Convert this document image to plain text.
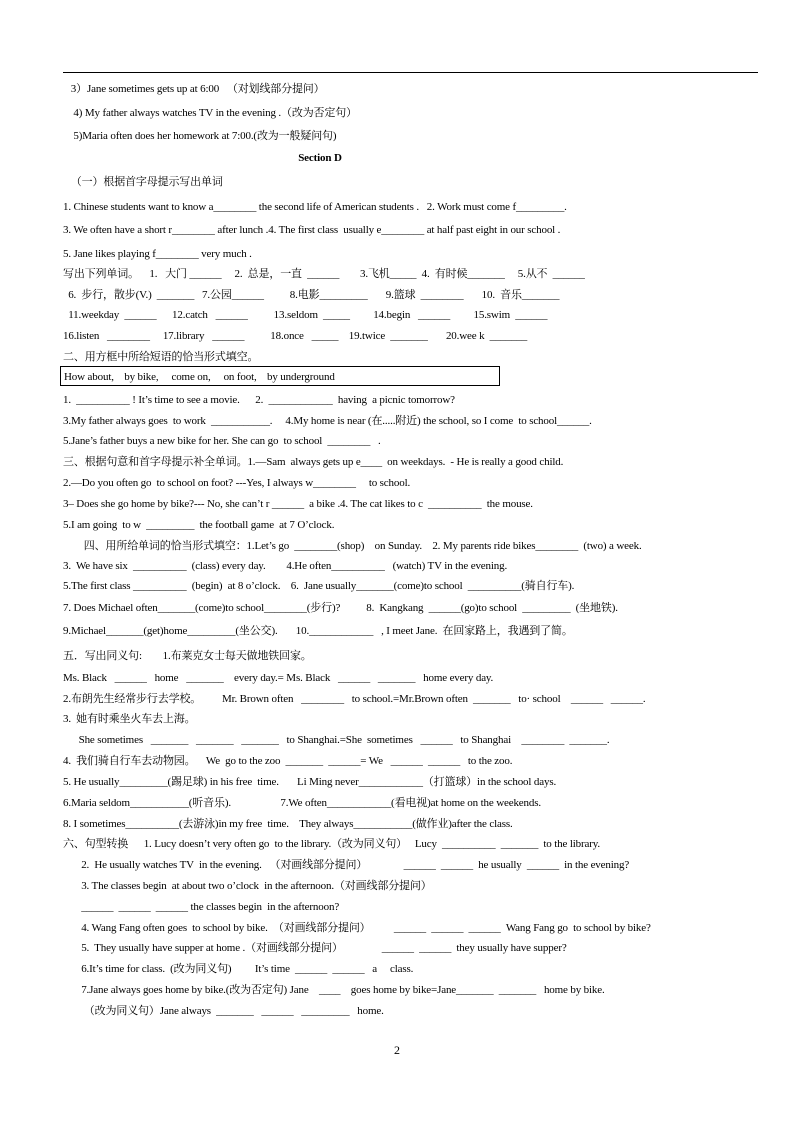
3）Jane sometimes gets up at 6:00   （对划线部分提问）
4) My father always watches TV in the evening .（改为否定句）
5)Maria often does her homework at 7:00.(改为一般疑问句)
Section D
（一）根据首字母提示写出单词
1. Chinese students want to know a________ the second life of American students .   2. Work must come f_________.
3. We often have a short r________ after lunch .4. The first class  usually e________ at half past eight in our school .
5. Jane likes playing f________ very much .
写出下列单词。    1.   大门 ______     2.  总是，一直  ______        3.飞机_____  4.  有时候_______     5.从不  ______
6.  步行，散步(V.)  _______   7.公园______          8.电影_________       9.篮球  ________       10.  音乐_______
11.weekday  ______      12.catch   ______          13.seldom  _____         14.begin   ______         15.swim  ______
16.listen   ________     17.library   ______          18.once   _____    19.twice  _______       20.wee k  _______
二、用方框中所给短语的恰当形式填空。
How about,    by bike,     come on,     on foot,    by underground
1.  __________ ! It’s time to see a movie.      2.  ____________  having  a picnic tomorrow?
3.My father always goes  to work  ___________.     4.My home is near (在.....附近) the school, so I come  to school______.
5.Jane’s father buys a new bike for her. She can go  to school  ________   .
三、根据句意和首字母提示补全单词。1.—Sam  always gets up e____  on weekdays.  - He is really a good child.
2.—Do you often go  to school on foot? ---Yes, I always w________     to school.
3– Does she go home by bike?--- No, she can’t r ______  a bike .4. The cat likes to c  __________  the mouse.
5.I am going  to w  _________  the football game  at 7 O’clock.
四、用所给单词的恰当形式填空：1.Let’s go  ________(shop)    on Sunday.    2. My parents ride bikes________  (two) a week.
3.  We have six  __________  (class) every day.        4.He often__________   (watch) TV in the evening.
5.The first class __________  (begin)  at 8 o’clock.    6.  Jane usually_______(come)to school  __________(骑自行车).
7. Does Michael often_______(come)to school________(步行)?          8.  Kangkang  ______(go)to school  _________  (坐地铁).
9.Michael_______(get)home_________(坐公交).       10.____________   , I meet Jane.  在回家路上，我遇到了简。
五．写出同义句:        1.布莱克女士每天做地铁回家。
Ms. Black   ______   home   _______    every day.= Ms. Black   ______   _______   home every day.
2.布朗先生经常步行去学校。        Mr. Brown often   ________   to school.=Mr.Brown often  _______   to· school    ______   ______.
3.  她有时乘坐火车去上海。
She sometimes   _______   _______   _______   to Shanghai.=She  sometimes   ______   to Shanghai    ________  _______.
4.  我们骑自行车去动物园。    We  go to the zoo  _______  ______= We   ______  ______   to the zoo.
5. He usually_________(踢足球) in his free  time.       Li Ming never____________（打篮球）in the school days.
6.Maria seldom___________(听音乐).                   7.We often____________(看电视)at home on the weekends.
8. I sometimes__________(去游泳)in my free  time.    They always___________(做作业)after the class.
六、句型转换      1. Lucy doesn’t very often go  to the library.（改为同义句）   Lucy  __________  _______  to the library.
2.  He usually watches TV  in the evening.   （对画线部分提问）              ______  ______  he usually  ______  in the evening?
3. The classes begin  at about two o’clock  in the afternoon.（对画线部分提问）
______  ______  ______ the classes begin  in the afternoon?
4. Wang Fang often goes  to school by bike.  （对画线部分提问）         ______  ______  ______  Wang Fang go  to school by bike?
5.  They usually have supper at home .（对画线部分提问）               ______  ______  they usually have supper?
6.It’s time for class.  (改为同义句)         It’s time  ______  ______   a     class.
7.Jane always goes home by bike.(改为否定句) Jane    ____    goes home by bike=Jane_______  _______   home by bike.
（改为同义句）Jane always  _______   ______   _________   home.
2
